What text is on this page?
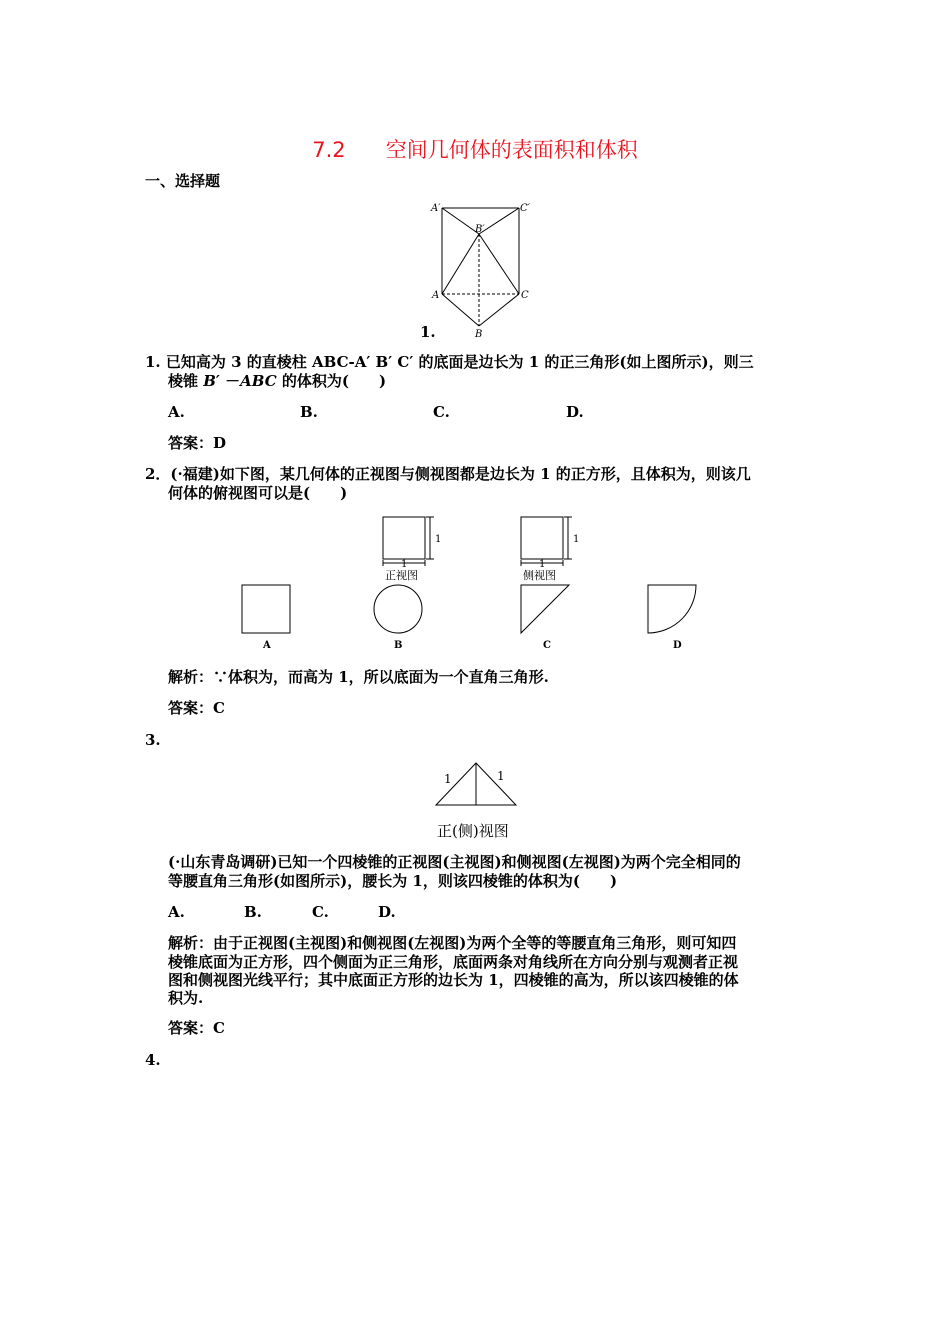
7.2 空间几何体的表面积和体积
一、选择题
A′	C′
B′
A	C
B
1.
1. 已知高为 3 的直棱柱 ABC-A′ B′ C′ 的底面是边长为 1 的正三角形(如上图所示)，则三
棱锥 B′ －ABC 的体积为(　　)
A.	B.	C.	D.
答案：D
2．(·福建)如下图，某几何体的正视图与侧视图都是边长为 1 的正方形，且体积为，则该几
何体的俯视图可以是(　　)
1
1
1
1
正视图	侧视图
A	B	C	D
解析：∵体积为，而高为 1，所以底面为一个直角三角形.
答案：C
3.
1	1
正(侧)视图
(·山东青岛调研)已知一个四棱锥的正视图(主视图)和侧视图(左视图)为两个完全相同的
等腰直角三角形(如图所示)，腰长为 1，则该四棱锥的体积为(　　)
A.	B.	C.	D.
解析：由于正视图(主视图)和侧视图(左视图)为两个全等的等腰直角三角形，则可知四
棱锥底面为正方形，四个侧面为正三角形，底面两条对角线所在方向分别与观测者正视
图和侧视图光线平行；其中底面正方形的边长为 1，四棱锥的高为，所以该四棱锥的体
积为.
答案：C
4.
